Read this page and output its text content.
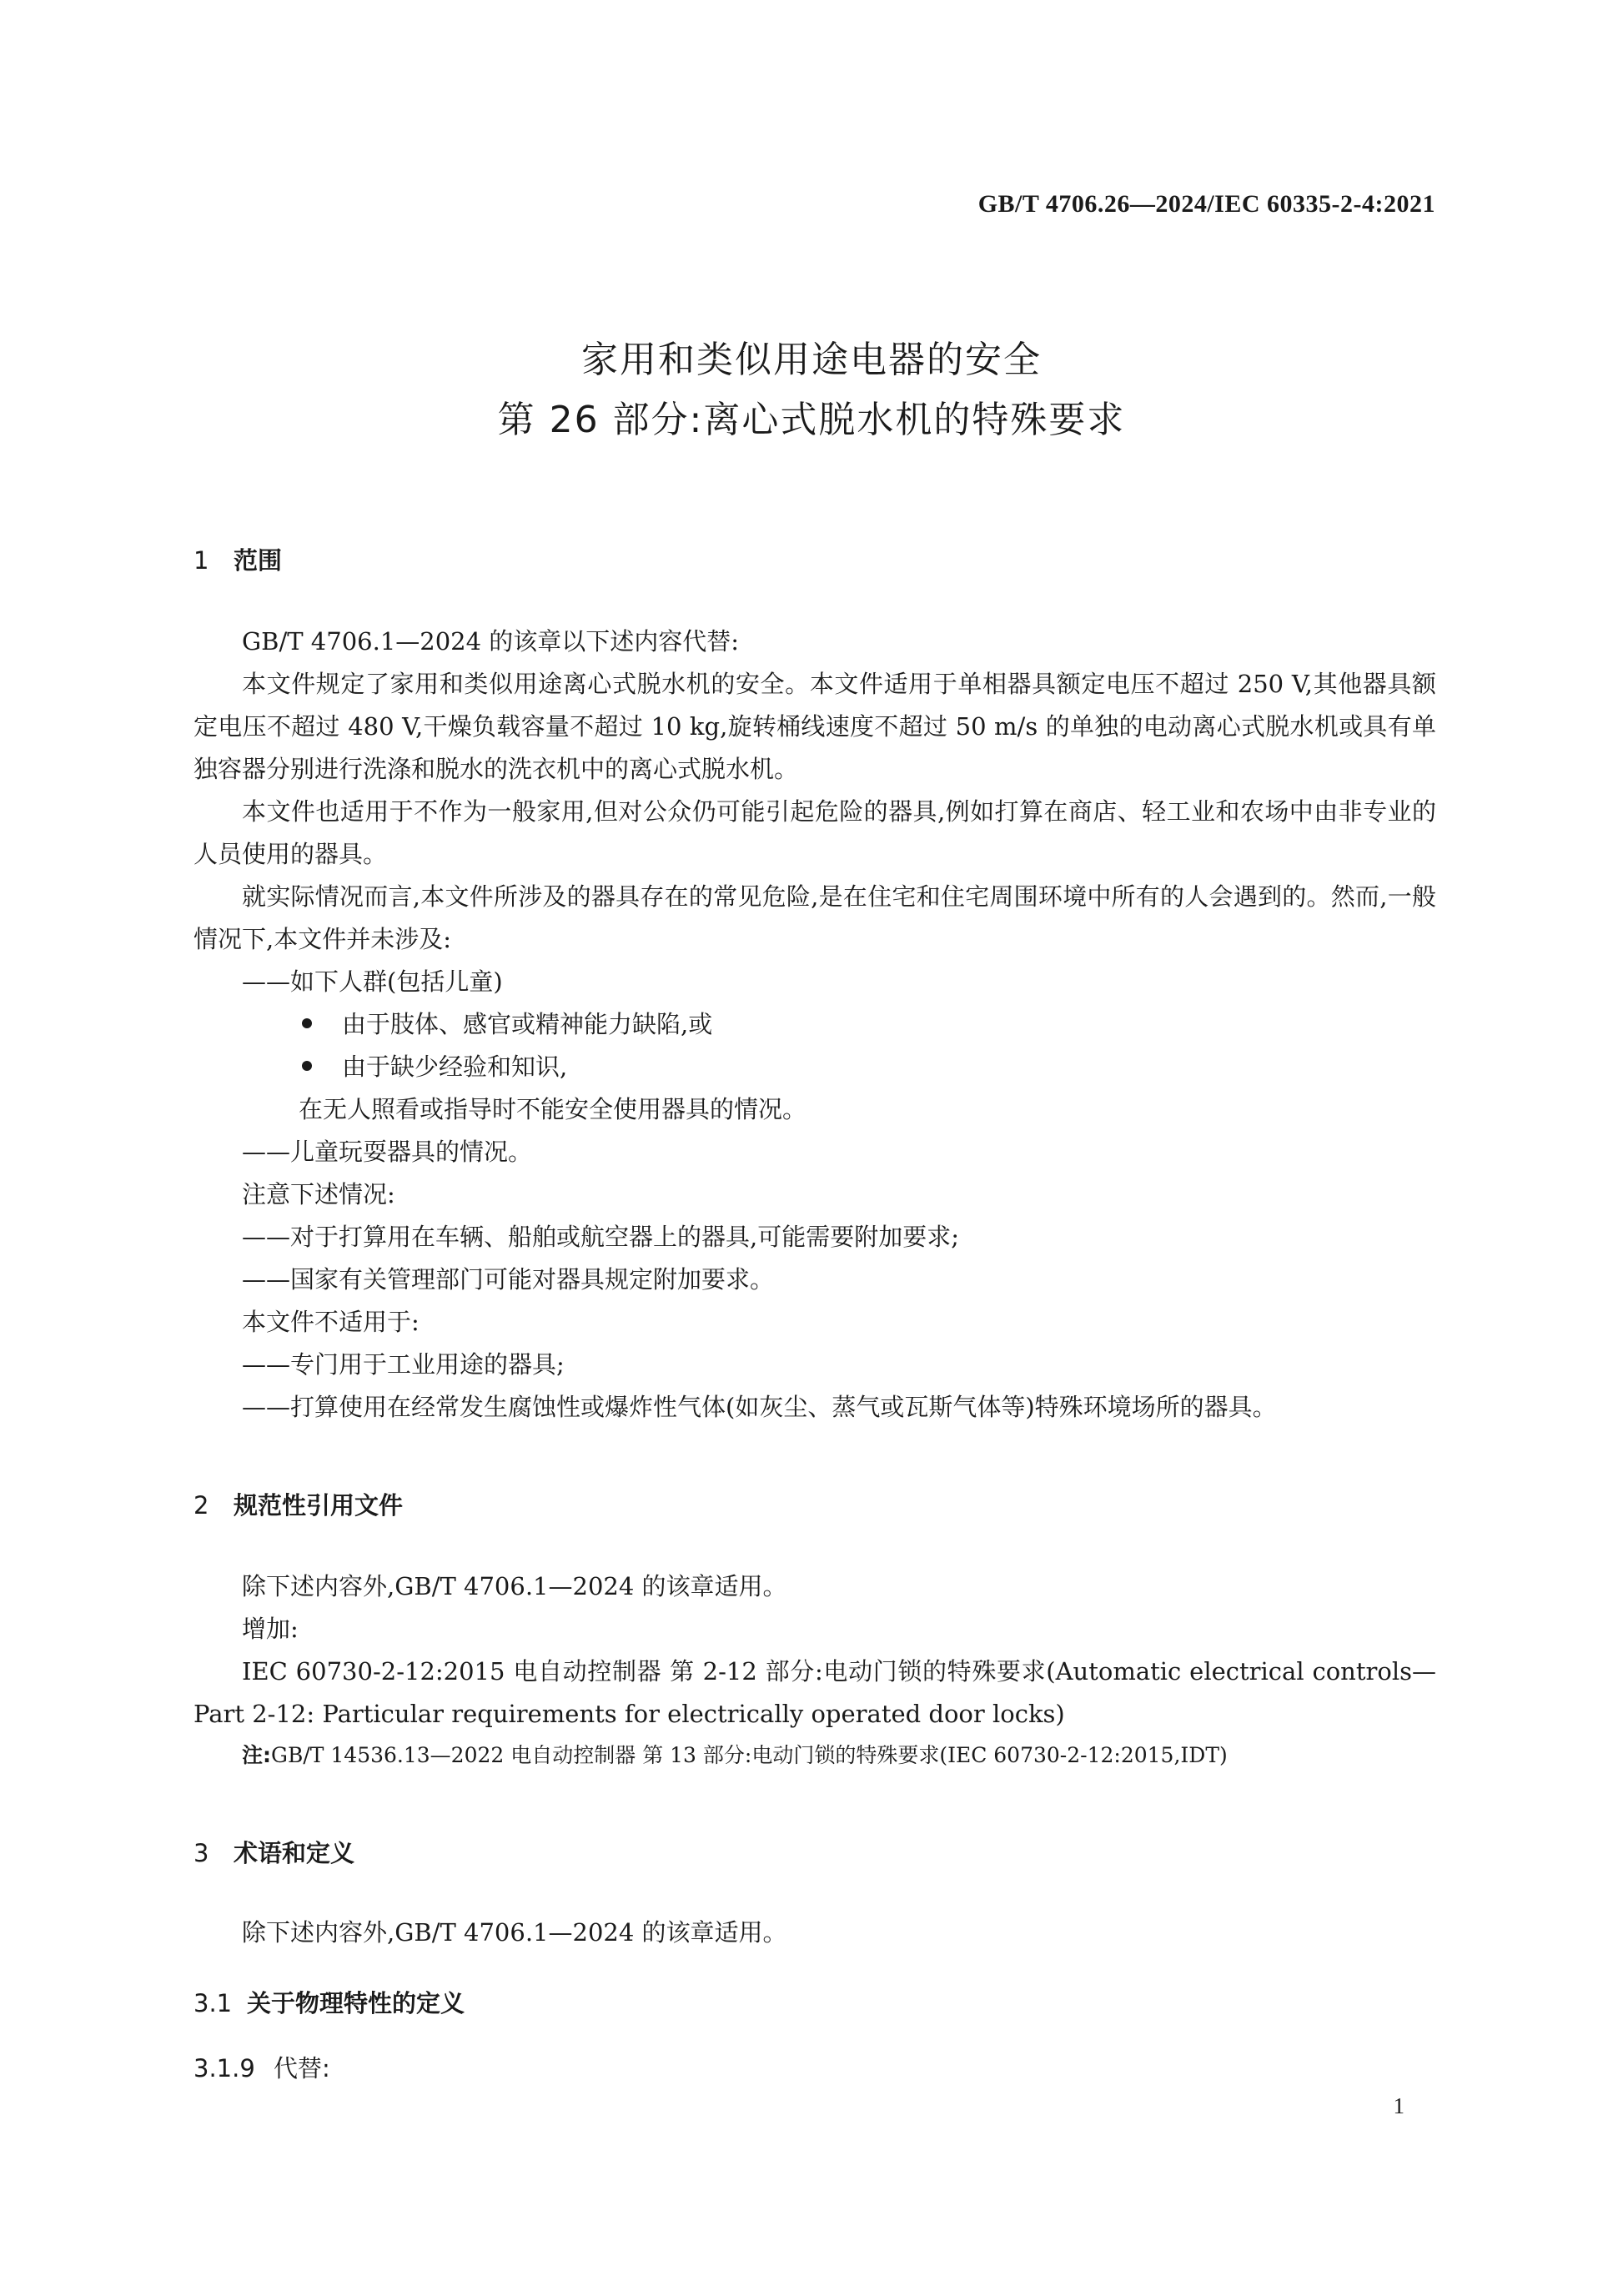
GB/T 4706.26—2024/IEC 60335-2-4:2021
家用和类似用途电器的安全
第 26 部分:离心式脱水机的特殊要求
1 范围

GB/T 4706.1—2024 的该章以下述内容代替:

本文件规定了家用和类似用途离心式脱水机的安全。本文件适用于单相器具额定电压不超过 250 V,其他器具额定电压不超过 480 V,干燥负载容量不超过 10 kg,旋转桶线速度不超过 50 m/s 的单独的电动离心式脱水机或具有单独容器分别进行洗涤和脱水的洗衣机中的离心式脱水机。

本文件也适用于不作为一般家用,但对公众仍可能引起危险的器具,例如打算在商店、轻工业和农场中由非专业的人员使用的器具。

就实际情况而言,本文件所涉及的器具存在的常见危险,是在住宅和住宅周围环境中所有的人会遇到的。然而,一般情况下,本文件并未涉及:

——如下人群(包括儿童)

由于肢体、感官或精神能力缺陷,或

由于缺少经验和知识,

在无人照看或指导时不能安全使用器具的情况。

——儿童玩耍器具的情况。

注意下述情况:

——对于打算用在车辆、船舶或航空器上的器具,可能需要附加要求;

——国家有关管理部门可能对器具规定附加要求。

本文件不适用于:

——专门用于工业用途的器具;

——打算使用在经常发生腐蚀性或爆炸性气体(如灰尘、蒸气或瓦斯气体等)特殊环境场所的器具。

2 规范性引用文件

除下述内容外,GB/T 4706.1—2024 的该章适用。

增加:

IEC 60730-2-12:2015 电自动控制器 第 2-12 部分:电动门锁的特殊要求(Automatic electrical controls—Part 2-12: Particular requirements for electrically operated door locks)

注:GB/T 14536.13—2022 电自动控制器 第 13 部分:电动门锁的特殊要求(IEC 60730-2-12:2015,IDT)

3 术语和定义

除下述内容外,GB/T 4706.1—2024 的该章适用。

3.1 关于物理特性的定义
3.1.9 代替:
1
